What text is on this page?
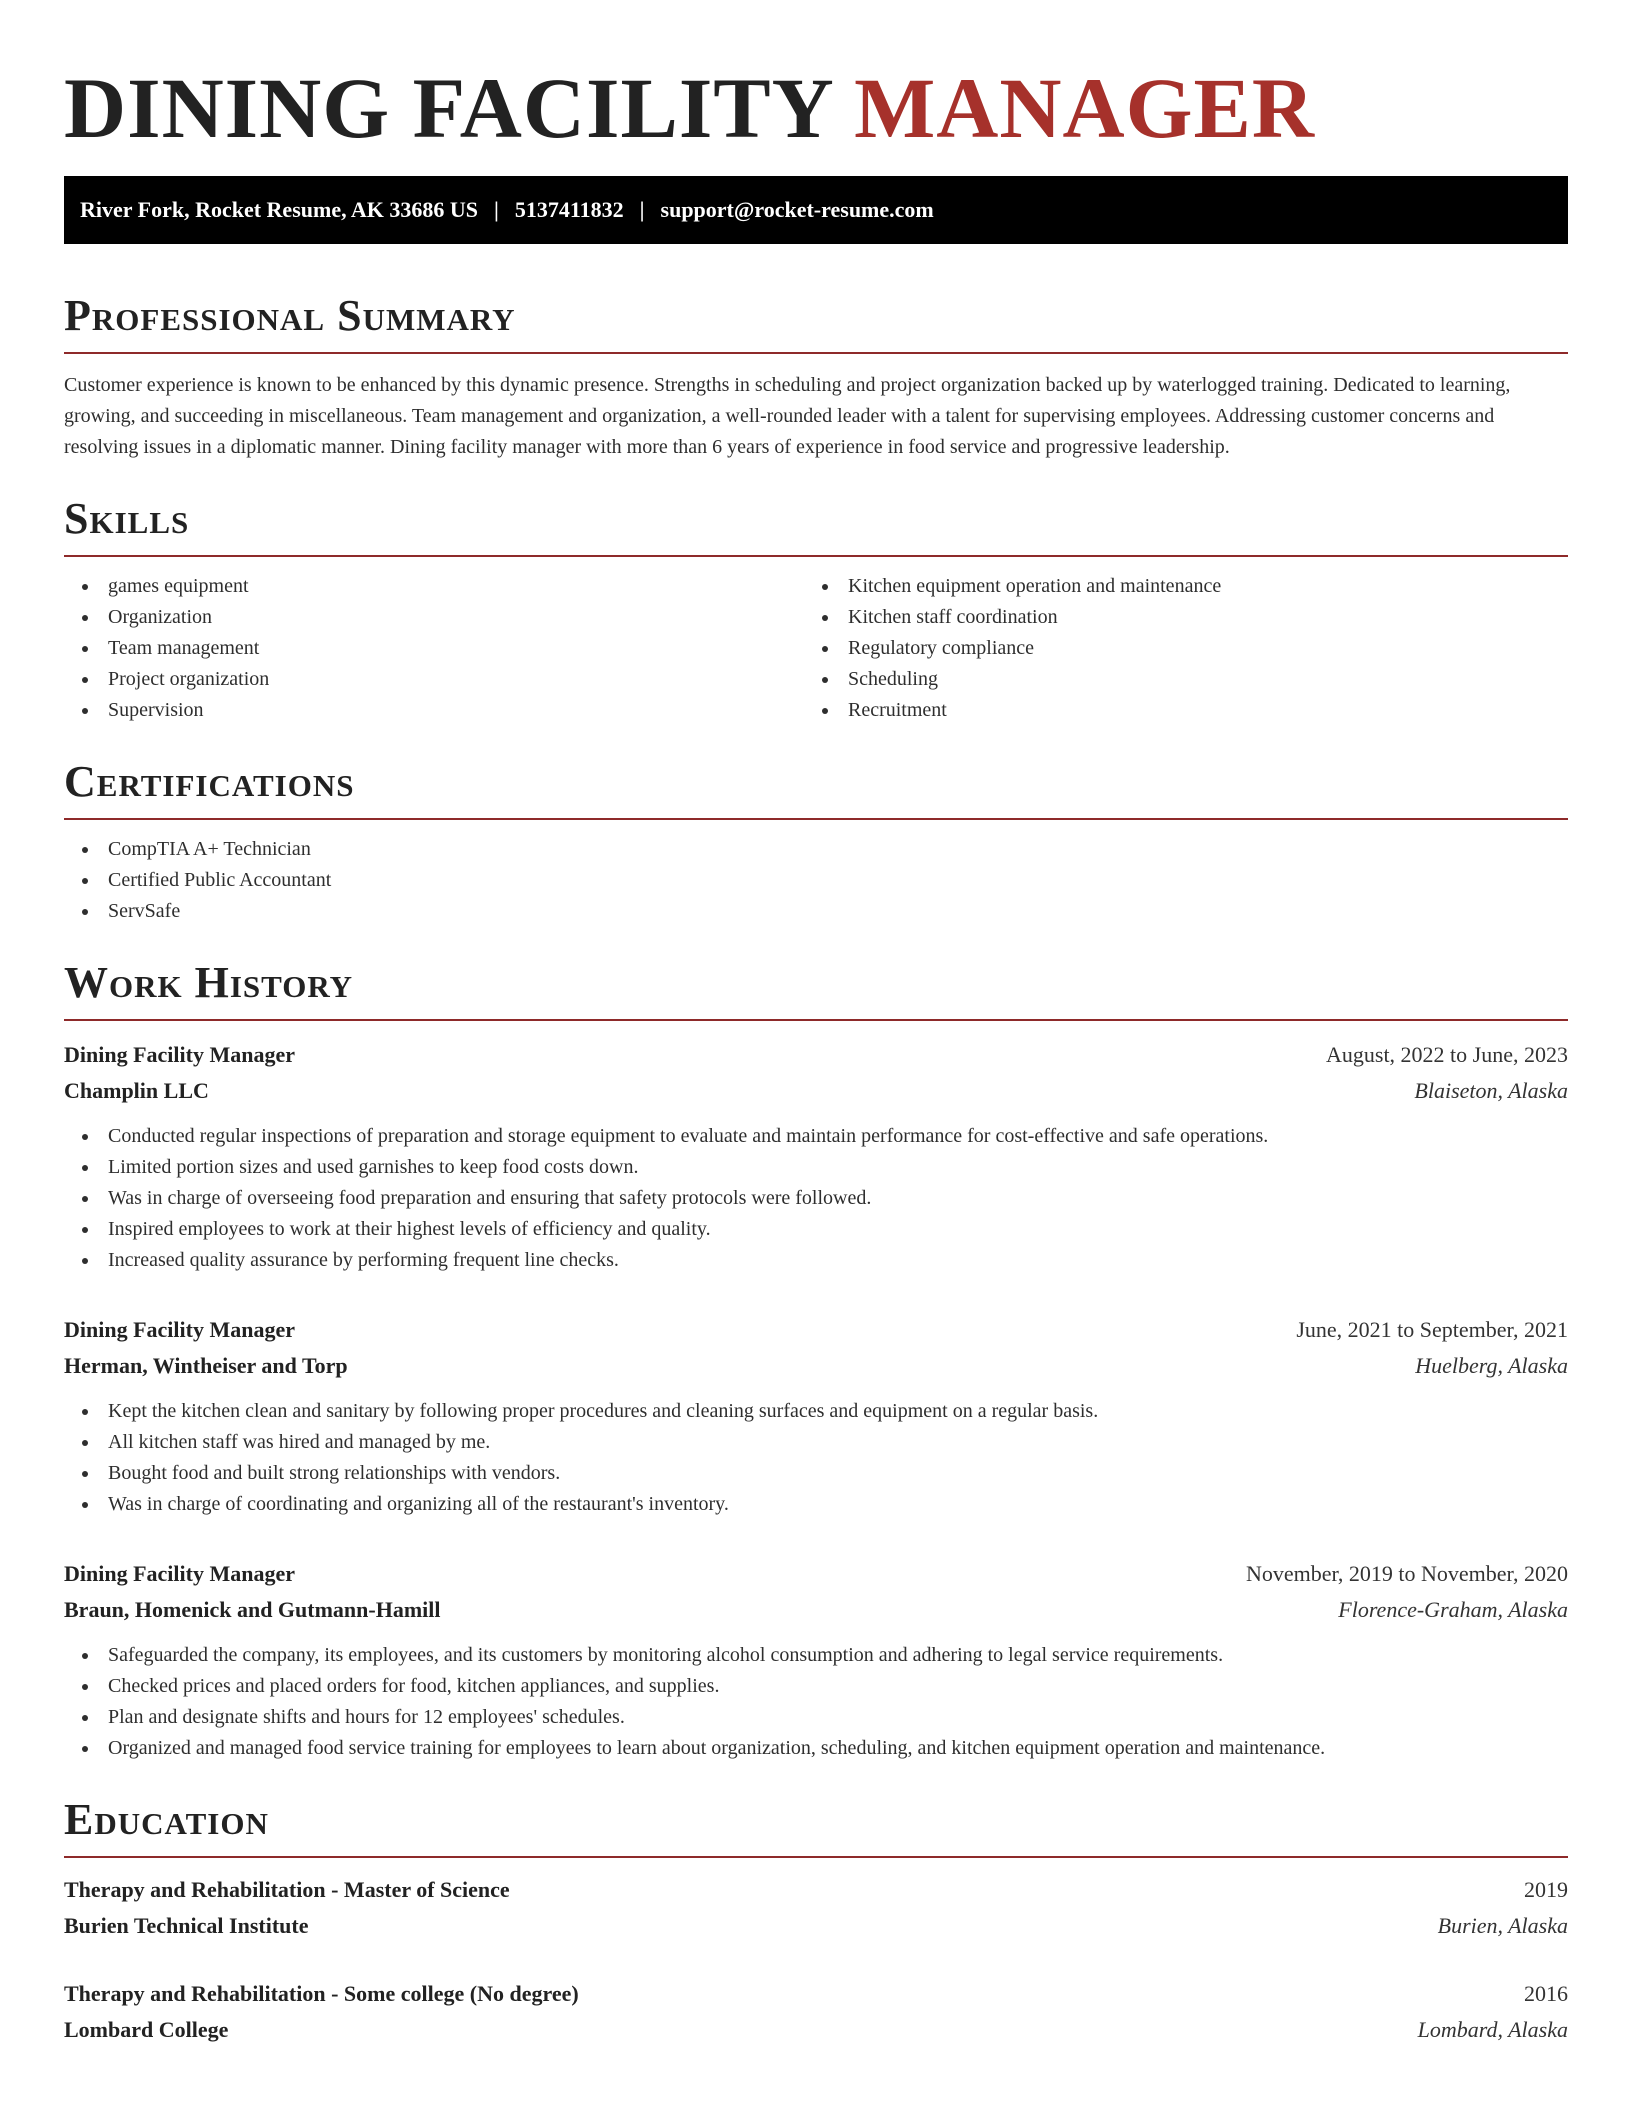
DINING FACILITY MANAGER
River Fork, Rocket Resume, AK 33686 US | 5137411832 | support@rocket-resume.com
Professional Summary

Customer experience is known to be enhanced by this dynamic presence. Strengths in scheduling and project organization backed up by waterlogged training. Dedicated to learning, growing, and succeeding in miscellaneous. Team management and organization, a well-rounded leader with a talent for supervising employees. Addressing customer concerns and resolving issues in a diplomatic manner. Dining facility manager with more than 6 years of experience in food service and progressive leadership.

Skills
games equipment
Organization
Team management
Project organization
Supervision
Kitchen equipment operation and maintenance
Kitchen staff coordination
Regulatory compliance
Scheduling
Recruitment
Certifications
CompTIA A+ Technician
Certified Public Accountant
ServSafe
Work History
Dining Facility Manager	August, 2022 to June, 2023
Champlin LLC	Blaiseton, Alaska
Conducted regular inspections of preparation and storage equipment to evaluate and maintain performance for cost-effective and safe operations.
Limited portion sizes and used garnishes to keep food costs down.
Was in charge of overseeing food preparation and ensuring that safety protocols were followed.
Inspired employees to work at their highest levels of efficiency and quality.
Increased quality assurance by performing frequent line checks.
Dining Facility Manager	June, 2021 to September, 2021
Herman, Wintheiser and Torp	Huelberg, Alaska
Kept the kitchen clean and sanitary by following proper procedures and cleaning surfaces and equipment on a regular basis.
All kitchen staff was hired and managed by me.
Bought food and built strong relationships with vendors.
Was in charge of coordinating and organizing all of the restaurant's inventory.
Dining Facility Manager	November, 2019 to November, 2020
Braun, Homenick and Gutmann-Hamill	Florence-Graham, Alaska
Safeguarded the company, its employees, and its customers by monitoring alcohol consumption and adhering to legal service requirements.
Checked prices and placed orders for food, kitchen appliances, and supplies.
Plan and designate shifts and hours for 12 employees' schedules.
Organized and managed food service training for employees to learn about organization, scheduling, and kitchen equipment operation and maintenance.
Education
Therapy and Rehabilitation - Master of Science	2019
Burien Technical Institute	Burien, Alaska
Therapy and Rehabilitation - Some college (No degree)	2016
Lombard College	Lombard, Alaska
